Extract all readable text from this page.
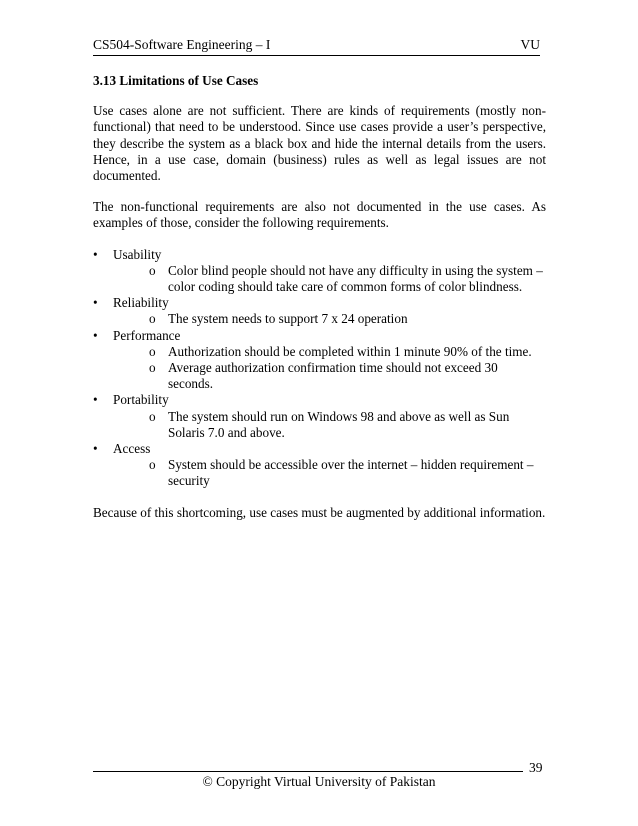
CS504-Software Engineering – I	VU

3.13 Limitations of Use Cases

Use cases alone are not sufficient. There are kinds of requirements (mostly non-functional) that need to be understood. Since use cases provide a user’s perspective, they describe the system as a black box and hide the internal details from the users. Hence, in a use case, domain (business) rules as well as legal issues are not documented.

The non-functional requirements are also not documented in the use cases. As examples of those, consider the following requirements.

• Usability
o Color blind people should not have any difficulty in using the system – color coding should take care of common forms of color blindness.
• Reliability
o The system needs to support 7 x 24 operation
• Performance
o Authorization should be completed within 1 minute 90% of the time.
o Average authorization confirmation time should not exceed 30 seconds.
• Portability
o The system should run on Windows 98 and above as well as Sun Solaris 7.0 and above.
• Access
o System should be accessible over the internet – hidden requirement – security

Because of this shortcoming, use cases must be augmented by additional information.

39
© Copyright Virtual University of Pakistan
